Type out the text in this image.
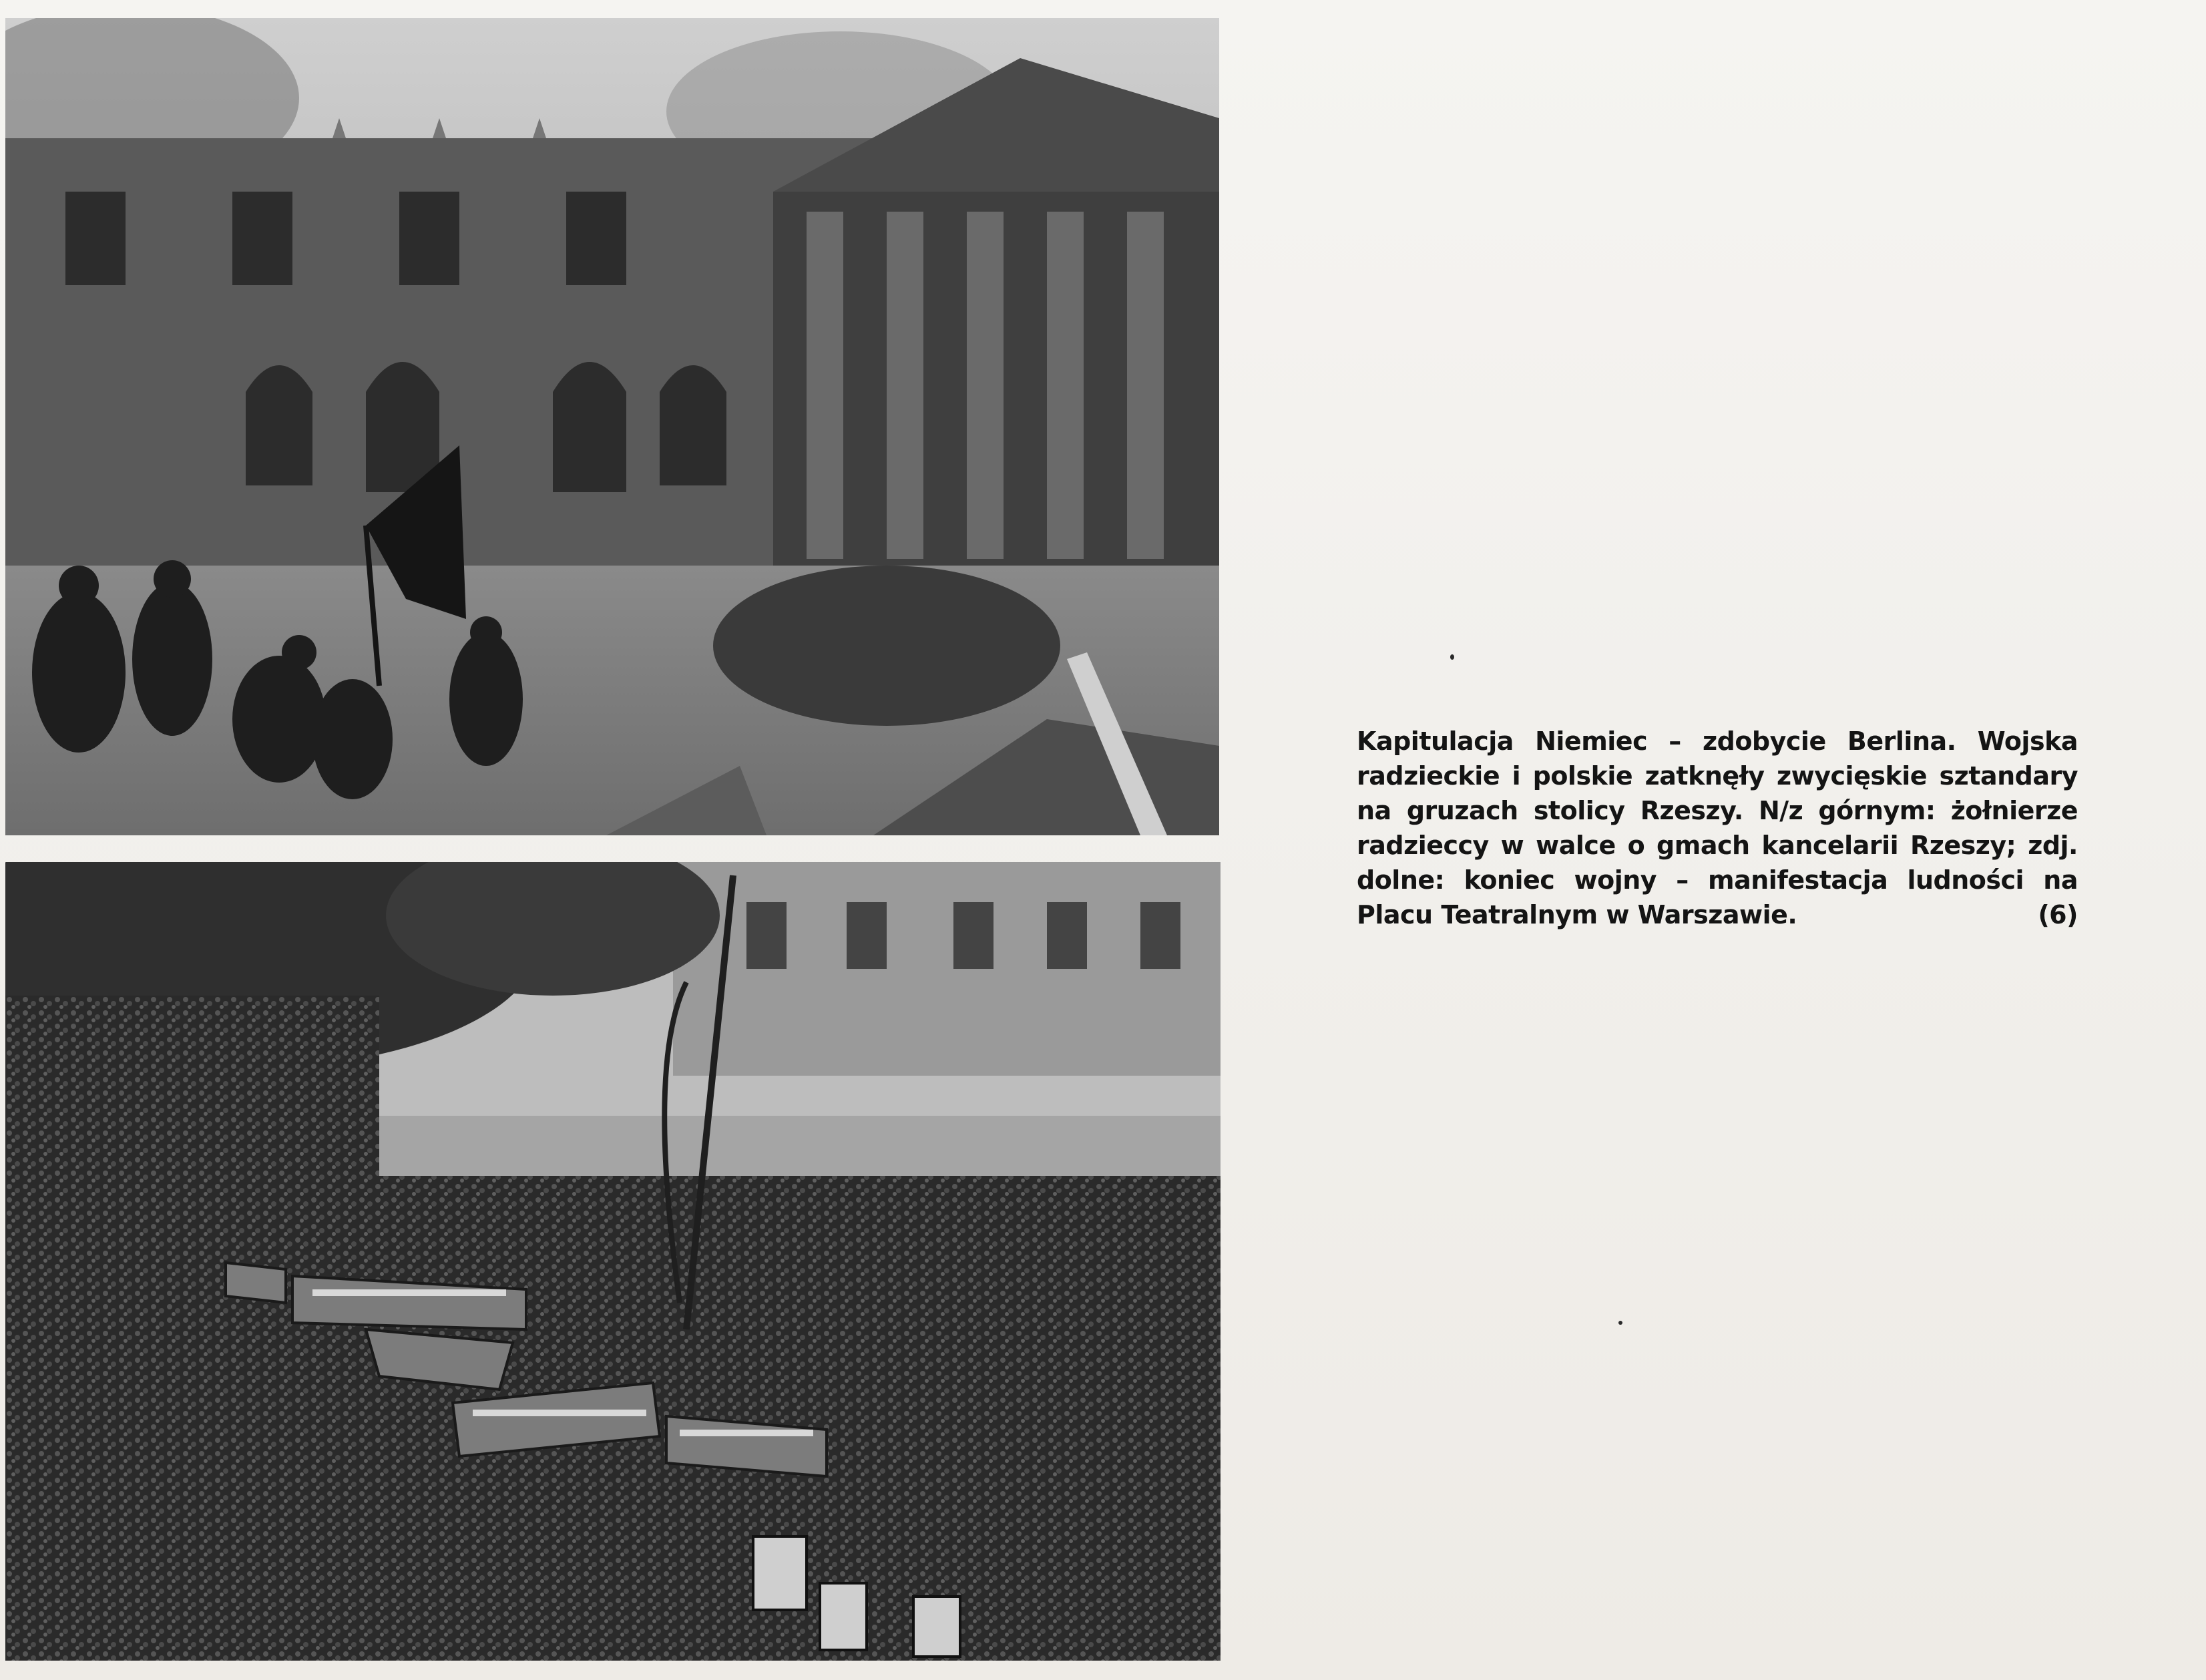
Kapitulacja Niemiec – zdobycie Berlina. Wojska
radzieckie i polskie zatknęły zwycięskie sztandary
na gruzach stolicy Rzeszy. N/z górnym: żołnierze
radzieccy w walce o gmach kancelarii Rzeszy; zdj.
dolne: koniec wojny – manifestacja ludności na
Placu Teatralnym w Warszawie.	(6)
